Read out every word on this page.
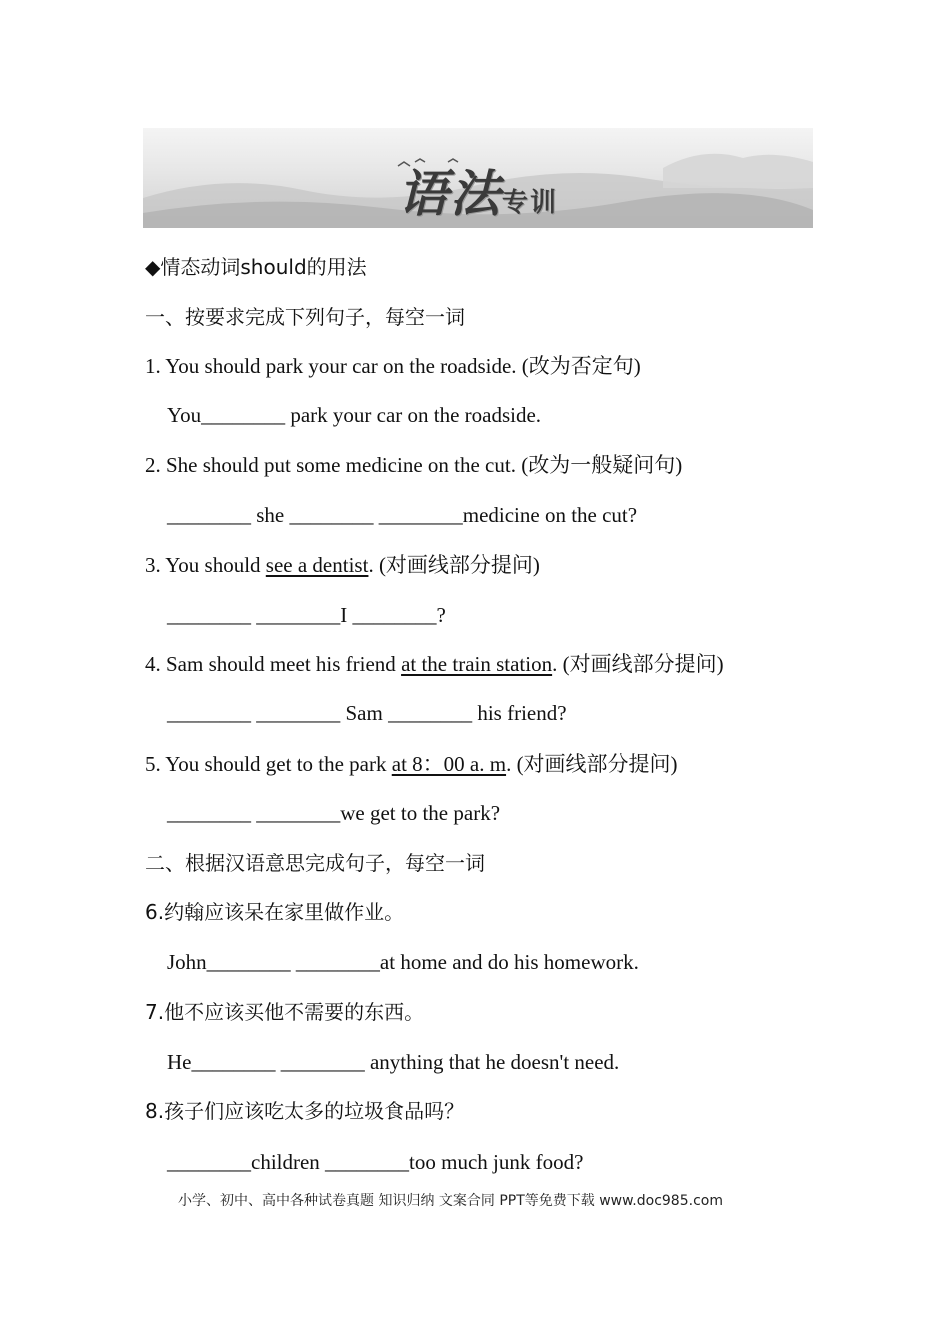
语法专训
◆情态动词should的用法
一、按要求完成下列句子，每空一词
1. You should park your car on the roadside. (改为否定句)
You________ park your car on the roadside.
2. She should put some medicine on the cut. (改为一般疑问句)
________ she ________ ________medicine on the cut?
3. You should see a dentist. (对画线部分提问)
________ ________I ________?
4. Sam should meet his friend at the train station. (对画线部分提问)
________ ________ Sam ________ his friend?
5. You should get to the park at 8：00 a. m. (对画线部分提问)
________ ________we get to the park?
二、根据汉语意思完成句子，每空一词
6.约翰应该呆在家里做作业。
John________ ________at home and do his homework.
7.他不应该买他不需要的东西。
He________ ________ anything that he doesn't need.
8.孩子们应该吃太多的垃圾食品吗？
________children ________too much junk food?
小学、初中、高中各种试卷真题 知识归纳 文案合同 PPT等免费下载 www.doc985.com
